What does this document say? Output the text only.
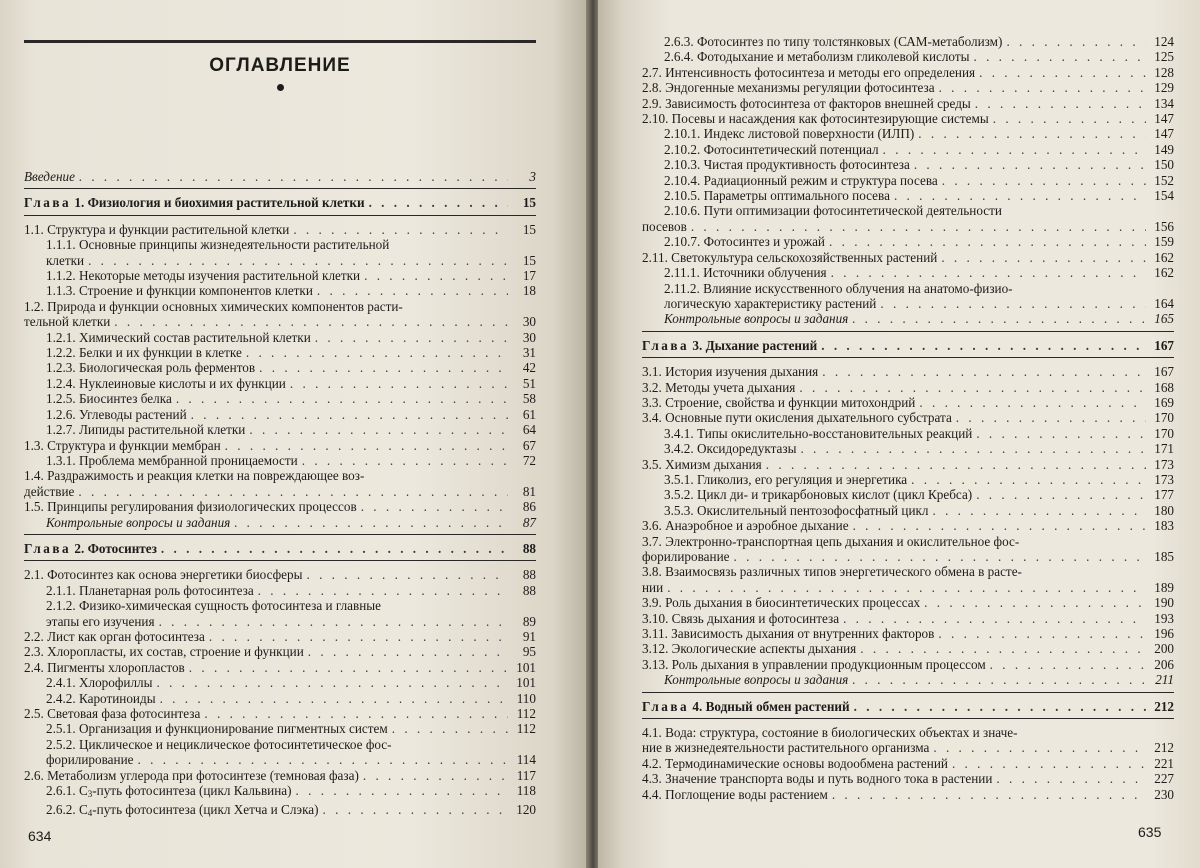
ОГЛАВЛЕНИЕ
Введение . . .	3
Глава 1. Физиология и биохимия растительной клетки . . .	15
1.1. Структура и функции растительной клетки . . .	15
1.1.1. Основные принципы жизнедеятельности растительной
клетки . . .	15
1.1.2. Некоторые методы изучения растительной клетки . . .	17
1.1.3. Строение и функции компонентов клетки . . .	18
1.2. Природа и функции основных химических компонентов расти-
тельной клетки . . .	30
1.2.1. Химический состав растительной клетки . . .	30
1.2.2. Белки и их функции в клетке . . .	31
1.2.3. Биологическая роль ферментов . . .	42
1.2.4. Нуклеиновые кислоты и их функции . . .	51
1.2.5. Биосинтез белка . . .	58
1.2.6. Углеводы растений . . .	61
1.2.7. Липиды растительной клетки . . .	64
1.3. Структура и функции мембран . . .	67
1.3.1. Проблема мембранной проницаемости . . .	72
1.4. Раздражимость и реакция клетки на повреждающее воз-
действие . . .	81
1.5. Принципы регулирования физиологических процессов . . .	86
Контрольные вопросы и задания . . .	87
Глава 2. Фотосинтез . . .	88
2.1. Фотосинтез как основа энергетики биосферы . . .	88
2.1.1. Планетарная роль фотосинтеза . . .	88
2.1.2. Физико-химическая сущность фотосинтеза и главные
этапы его изучения . . .	89
2.2. Лист как орган фотосинтеза . . .	91
2.3. Хлоропласты, их состав, строение и функции . . .	95
2.4. Пигменты хлоропластов . . .	101
2.4.1. Хлорофиллы . . .	101
2.4.2. Каротиноиды . . .	110
2.5. Световая фаза фотосинтеза . . .	112
2.5.1. Организация и функционирование пигментных систем . . .	112
2.5.2. Циклическое и нециклическое фотосинтетическое фос-
форилирование . . .	114
2.6. Метаболизм углерода при фотосинтезе (темновая фаза) . . .	117
2.6.1. $С_3$-путь фотосинтеза (цикл Кальвина) . . .	118
2.6.2. $С_4$-путь фотосинтеза (цикл Хетча и Слэка) . . .	120
634
2.6.3. Фотосинтез по типу толстянковых (САМ-метаболизм) . . .	124
2.6.4. Фотодыхание и метаболизм гликолевой кислоты . . .	125
2.7. Интенсивность фотосинтеза и методы его определения . . .	128
2.8. Эндогенные механизмы регуляции фотосинтеза . . .	129
2.9. Зависимость фотосинтеза от факторов внешней среды . . .	134
2.10. Посевы и насаждения как фотосинтезирующие системы . . .	147
2.10.1. Индекс листовой поверхности (ИЛП) . . .	147
2.10.2. Фотосинтетический потенциал . . .	149
2.10.3. Чистая продуктивность фотосинтеза . . .	150
2.10.4. Радиационный режим и структура посева . . .	152
2.10.5. Параметры оптимального посева . . .	154
2.10.6. Пути оптимизации фотосинтетической деятельности
посевов . . .	156
2.10.7. Фотосинтез и урожай . . .	159
2.11. Светокультура сельскохозяйственных растений . . .	162
2.11.1. Источники облучения . . .	162
2.11.2. Влияние искусственного облучения на анатомо-физио-
логическую характеристику растений . . .	164
Контрольные вопросы и задания . . .	165
Глава 3. Дыхание растений . . .	167
3.1. История изучения дыхания . . .	167
3.2. Методы учета дыхания . . .	168
3.3. Строение, свойства и функции митохондрий . . .	169
3.4. Основные пути окисления дыхательного субстрата . . .	170
3.4.1. Типы окислительно-восстановительных реакций . . .	170
3.4.2. Оксидоредуктазы . . .	171
3.5. Химизм дыхания . . .	173
3.5.1. Гликолиз, его регуляция и энергетика . . .	173
3.5.2. Цикл ди- и трикарбоновых кислот (цикл Кребса) . . .	177
3.5.3. Окислительный пентозофосфатный цикл . . .	180
3.6. Анаэробное и аэробное дыхание . . .	183
3.7. Электронно-транспортная цепь дыхания и окислительное фос-
форилирование . . .	185
3.8. Взаимосвязь различных типов энергетического обмена в расте-
нии . . .	189
3.9. Роль дыхания в биосинтетических процессах . . .	190
3.10. Связь дыхания и фотосинтеза . . .	193
3.11. Зависимость дыхания от внутренних факторов . . .	196
3.12. Экологические аспекты дыхания . . .	200
3.13. Роль дыхания в управлении продукционным процессом . . .	206
Контрольные вопросы и задания . . .	211
Глава 4. Водный обмен растений . . .	212
4.1. Вода: структура, состояние в биологических объектах и значе-
ние в жизнедеятельности растительного организма . . .	212
4.2. Термодинамические основы водообмена растений . . .	221
4.3. Значение транспорта воды и путь водного тока в растении . . .	227
4.4. Поглощение воды растением . . .	230
635
